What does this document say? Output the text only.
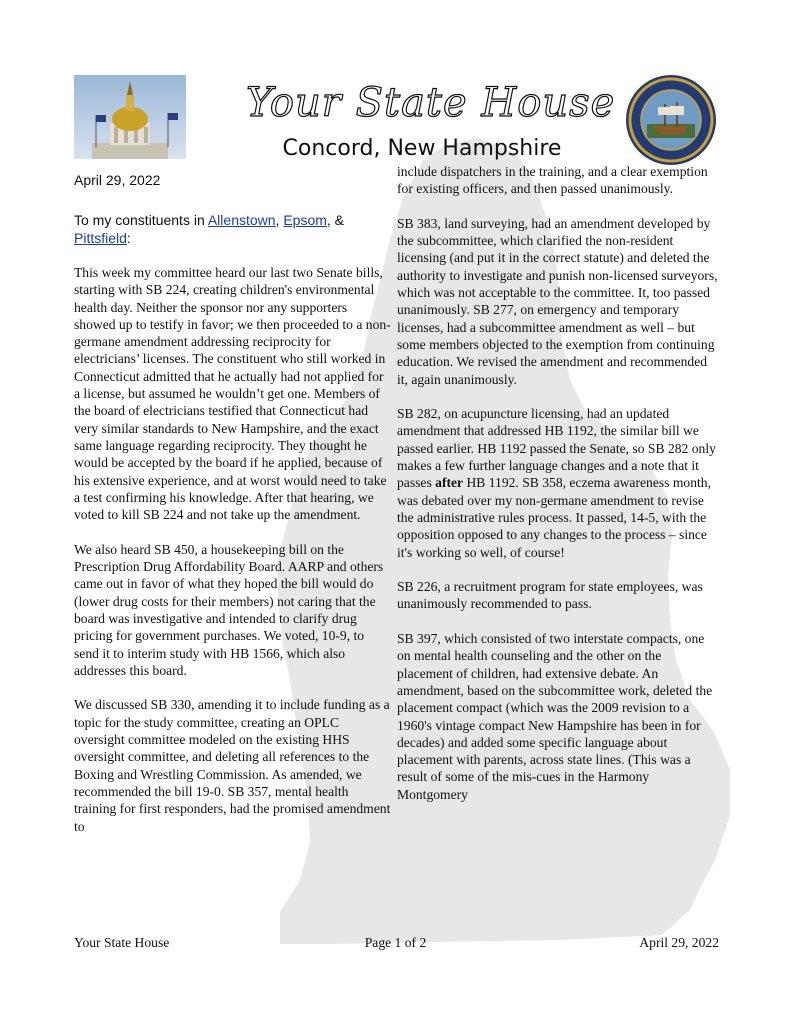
Your State House
Concord, New Hampshire
April 29, 2022
To my constituents in Allenstown, Epsom, & Pittsfield:

This week my committee heard our last two Senate bills, starting with SB 224, creating children's environmental health day. Neither the sponsor nor any supporters showed up to testify in favor; we then proceeded to a non-germane amendment addressing reciprocity for electricians’ licenses. The constituent who still worked in Connecticut admitted that he actually had not applied for a license, but assumed he wouldn’t get one. Members of the board of electricians testified that Connecticut had very similar standards to New Hampshire, and the exact same language regarding reciprocity. They thought he would be accepted by the board if he applied, because of his extensive experience, and at worst would need to take a test confirming his knowledge. After that hearing, we voted to kill SB 224 and not take up the amendment.

We also heard SB 450, a housekeeping bill on the Prescription Drug Affordability Board. AARP and others came out in favor of what they hoped the bill would do (lower drug costs for their members) not caring that the board was investigative and intended to clarify drug pricing for government purchases. We voted, 10-9, to send it to interim study with HB 1566, which also addresses this board.

We discussed SB 330, amending it to include funding as a topic for the study committee, creating an OPLC oversight committee modeled on the existing HHS oversight committee, and deleting all references to the Boxing and Wrestling Commission. As amended, we recommended the bill 19-0. SB 357, mental health training for first responders, had the promised amendment to

include dispatchers in the training, and a clear exemption for existing officers, and then passed unanimously.

SB 383, land surveying, had an amendment developed by the subcommittee, which clarified the non-resident licensing (and put it in the correct statute) and deleted the authority to investigate and punish non-licensed surveyors, which was not acceptable to the committee. It, too passed unanimously. SB 277, on emergency and temporary licenses, had a subcommittee amendment as well – but some members objected to the exemption from continuing education. We revised the amendment and recommended it, again unanimously.

SB 282, on acupuncture licensing, had an updated amendment that addressed HB 1192, the similar bill we passed earlier. HB 1192 passed the Senate, so SB 282 only makes a few further language changes and a note that it passes after HB 1192. SB 358, eczema awareness month, was debated over my non-germane amendment to revise the administrative rules process. It passed, 14-5, with the opposition opposed to any changes to the process – since it's working so well, of course!

SB 226, a recruitment program for state employees, was unanimously recommended to pass.

SB 397, which consisted of two interstate compacts, one on mental health counseling and the other on the placement of children, had extensive debate. An amendment, based on the subcommittee work, deleted the placement compact (which was the 2009 revision to a 1960's vintage compact New Hampshire has been in for decades) and added some specific language about placement with parents, across state lines. (This was a result of some of the mis-cues in the Harmony Montgomery

Your State House	Page 1 of 2	April 29, 2022
